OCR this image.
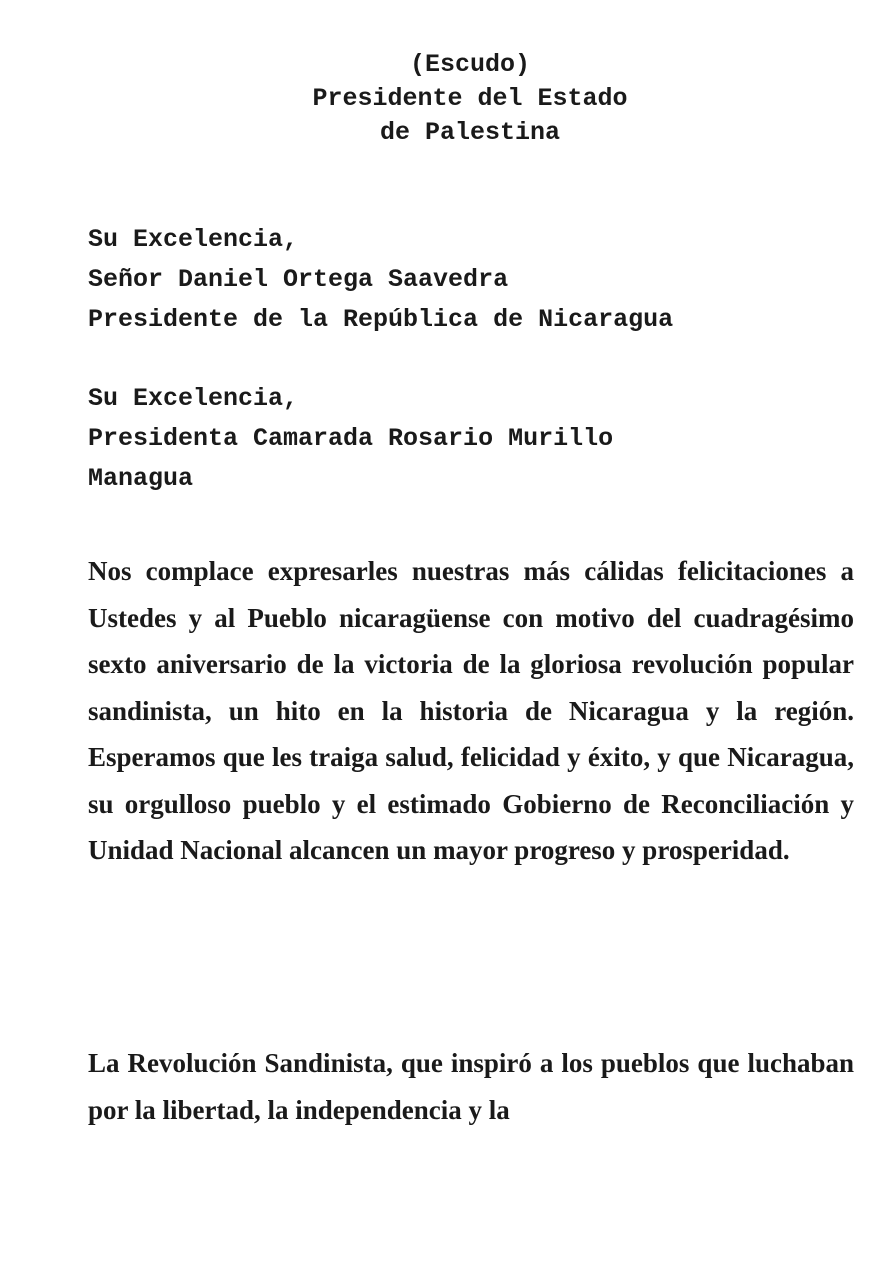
(Escudo)
Presidente del Estado
de Palestina
Su Excelencia,
Señor Daniel Ortega Saavedra
Presidente de la República de Nicaragua
Su Excelencia,
Presidenta Camarada Rosario Murillo
Managua

Nos complace expresarles nuestras más cálidas felicitaciones a Ustedes y al Pueblo nicaragüense con motivo del cuadragésimo sexto aniversario de la victoria de la gloriosa revolución popular sandinista, un hito en la historia de Nicaragua y la región. Esperamos que les traiga salud, felicidad y éxito, y que Nicaragua, su orgulloso pueblo y el estimado Gobierno de Reconciliación y Unidad Nacional alcancen un mayor progreso y prosperidad.

La Revolución Sandinista, que inspiró a los pueblos que luchaban por la libertad, la independencia y la
